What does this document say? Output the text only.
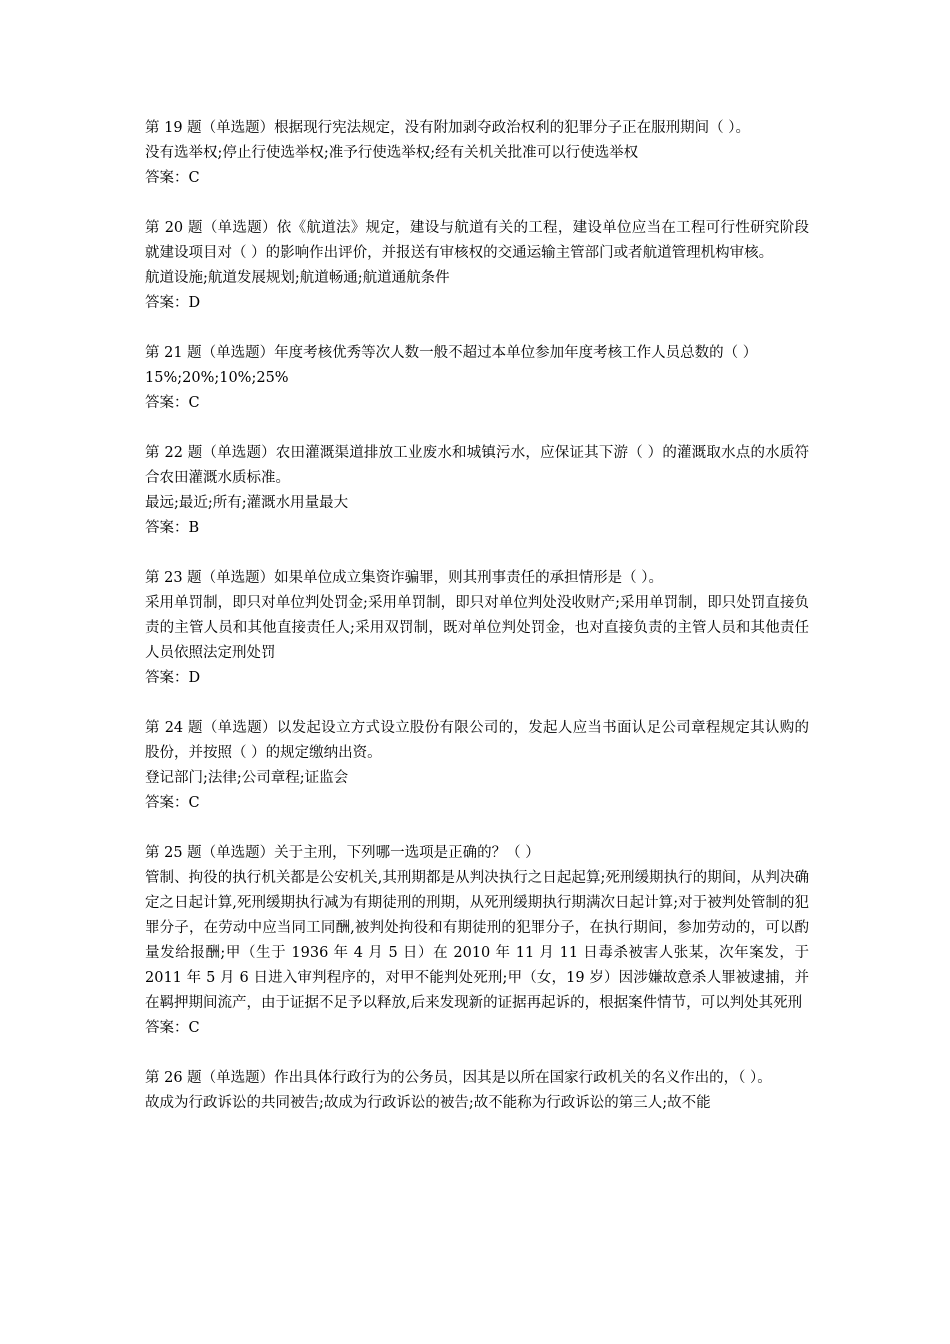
第 19 题（单选题）根据现行宪法规定，没有附加剥夺政治权利的犯罪分子正在服刑期间（ ）。

没有选举权;停止行使选举权;准予行使选举权;经有关机关批准可以行使选举权

答案：C

第 20 题（单选题）依《航道法》规定，建设与航道有关的工程，建设单位应当在工程可行性研究阶段就建设项目对（ ）的影响作出评价，并报送有审核权的交通运输主管部门或者航道管理机构审核。

航道设施;航道发展规划;航道畅通;航道通航条件

答案：D

第 21 题（单选题）年度考核优秀等次人数一般不超过本单位参加年度考核工作人员总数的（ ）

15%;20%;10%;25%

答案：C

第 22 题（单选题）农田灌溉渠道排放工业废水和城镇污水，应保证其下游（ ）的灌溉取水点的水质符合农田灌溉水质标准。

最远;最近;所有;灌溉水用量最大

答案：B

第 23 题（单选题）如果单位成立集资诈骗罪，则其刑事责任的承担情形是（ ）。

采用单罚制，即只对单位判处罚金;采用单罚制，即只对单位判处没收财产;采用单罚制，即只处罚直接负责的主管人员和其他直接责任人;采用双罚制，既对单位判处罚金，也对直接负责的主管人员和其他责任人员依照法定刑处罚

答案：D

第 24 题（单选题）以发起设立方式设立股份有限公司的，发起人应当书面认足公司章程规定其认购的股份，并按照（ ）的规定缴纳出资。

登记部门;法律;公司章程;证监会

答案：C

第 25 题（单选题）关于主刑，下列哪一选项是正确的？（ ）

管制、拘役的执行机关都是公安机关,其刑期都是从判决执行之日起起算;死刑缓期执行的期间，从判决确定之日起计算,死刑缓期执行减为有期徒刑的刑期，从死刑缓期执行期满次日起计算;对于被判处管制的犯罪分子，在劳动中应当同工同酬,被判处拘役和有期徒刑的犯罪分子，在执行期间，参加劳动的，可以酌量发给报酬;甲（生于 1936 年 4 月 5 日）在 2010 年 11 月 11 日毒杀被害人张某，次年案发，于 2011 年 5 月 6 日进入审判程序的，对甲不能判处死刑;甲（女，19 岁）因涉嫌故意杀人罪被逮捕，并在羁押期间流产，由于证据不足予以释放,后来发现新的证据再起诉的，根据案件情节，可以判处其死刑

答案：C

第 26 题（单选题）作出具体行政行为的公务员，因其是以所在国家行政机关的名义作出的，（ ）。

故成为行政诉讼的共同被告;故成为行政诉讼的被告;故不能称为行政诉讼的第三人;故不能
